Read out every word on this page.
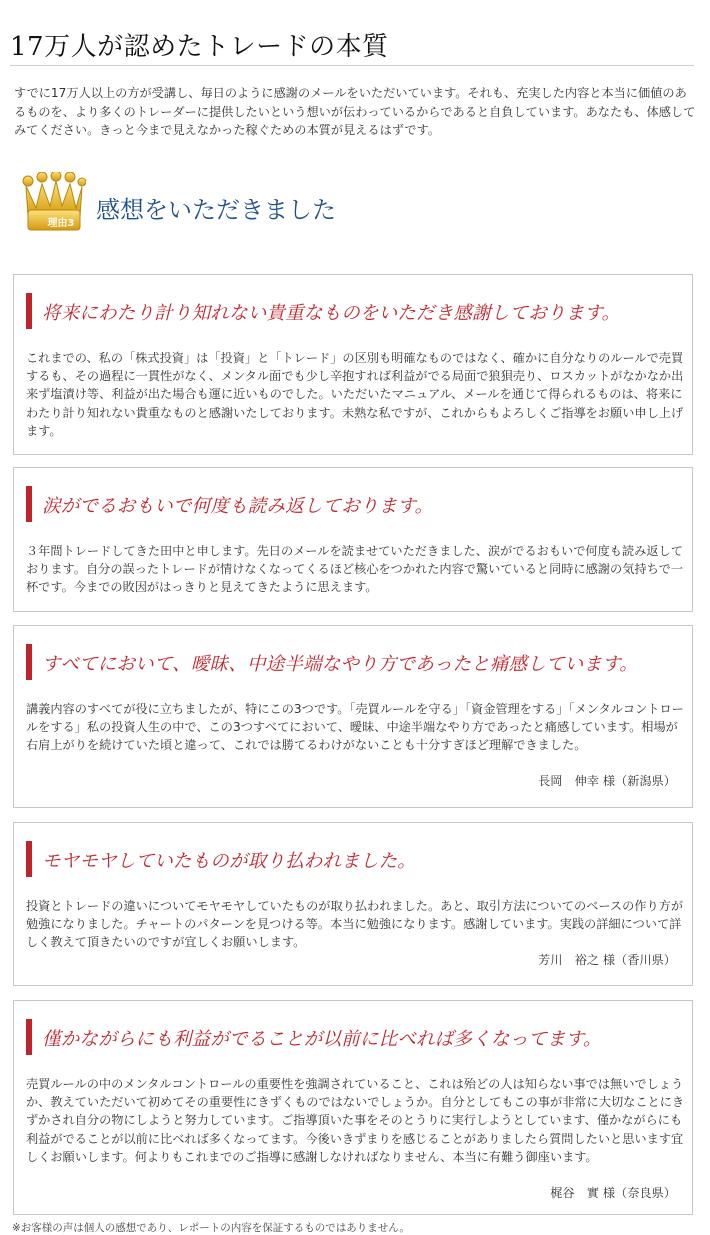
17万人が認めたトレードの本質
すでに17万人以上の方が受講し、毎日のように感謝のメールをいただいています。それも、充実した内容と本当に価値のあるものを、より多くのトレーダーに提供したいという想いが伝わっているからであると自負しています。あなたも、体感してみてください。きっと今まで見えなかった稼ぐための本質が見えるはずです。
理由3 感想をいただきました
将来にわたり計り知れない貴重なものをいただき感謝しております。
これまでの、私の「株式投資」は「投資」と「トレード」の区別も明確なものではなく、確かに自分なりのルールで売買するも、その過程に一貫性がなく、メンタル面でも少し辛抱すれば利益がでる局面で狼狽売り、ロスカットがなかなか出来ず塩漬け等、利益が出た場合も運に近いものでした。いただいたマニュアル、メールを通じて得られるものは、将来にわたり計り知れない貴重なものと感謝いたしております。未熟な私ですが、これからもよろしくご指導をお願い申し上げます。
涙がでるおもいで何度も読み返しております。
３年間トレードしてきた田中と申します。先日のメールを読ませていただきました、涙がでるおもいで何度も読み返しております。自分の誤ったトレードが情けなくなってくるほど核心をつかれた内容で驚いていると同時に感謝の気持ちで一杯です。今までの敗因がはっきりと見えてきたように思えます。
すべてにおいて、曖昧、中途半端なやり方であったと痛感しています。
講義内容のすべてが役に立ちましたが、特にこの3つです。「売買ルールを守る」「資金管理をする」「メンタルコントロールをする」私の投資人生の中で、この3つすべてにおいて、曖昧、中途半端なやり方であったと痛感しています。相場が右肩上がりを続けていた頃と違って、これでは勝てるわけがないことも十分すぎほど理解できました。
長岡　伸幸 様（新潟県）
モヤモヤしていたものが取り払われました。
投資とトレードの違いについてモヤモヤしていたものが取り払われました。あと、取引方法についてのベースの作り方が勉強になりました。チャートのパターンを見つける等。本当に勉強になります。感謝しています。実践の詳細について詳しく教えて頂きたいのですが宜しくお願いします。
芳川　裕之 様（香川県）
僅かながらにも利益がでることが以前に比べれば多くなってます。
売買ルールの中のメンタルコントロールの重要性を強調されていること、これは殆どの人は知らない事では無いでしょうか、教えていただいて初めてその重要性にきずくものではないでしょうか。自分としてもこの事が非常に大切なことにきずかされ自分の物にしようと努力しています。ご指導頂いた事をそのとうりに実行しようとしています、僅かながらにも利益がでることが以前に比べれば多くなってます。今後いきずまりを感じることがありましたら質問したいと思います宜しくお願いします。何よりもこれまでのご指導に感謝しなければなりません、本当に有難う御座います。
梶谷　實 様（奈良県）
※お客様の声は個人の感想であり、レポートの内容を保証するものではありません。
